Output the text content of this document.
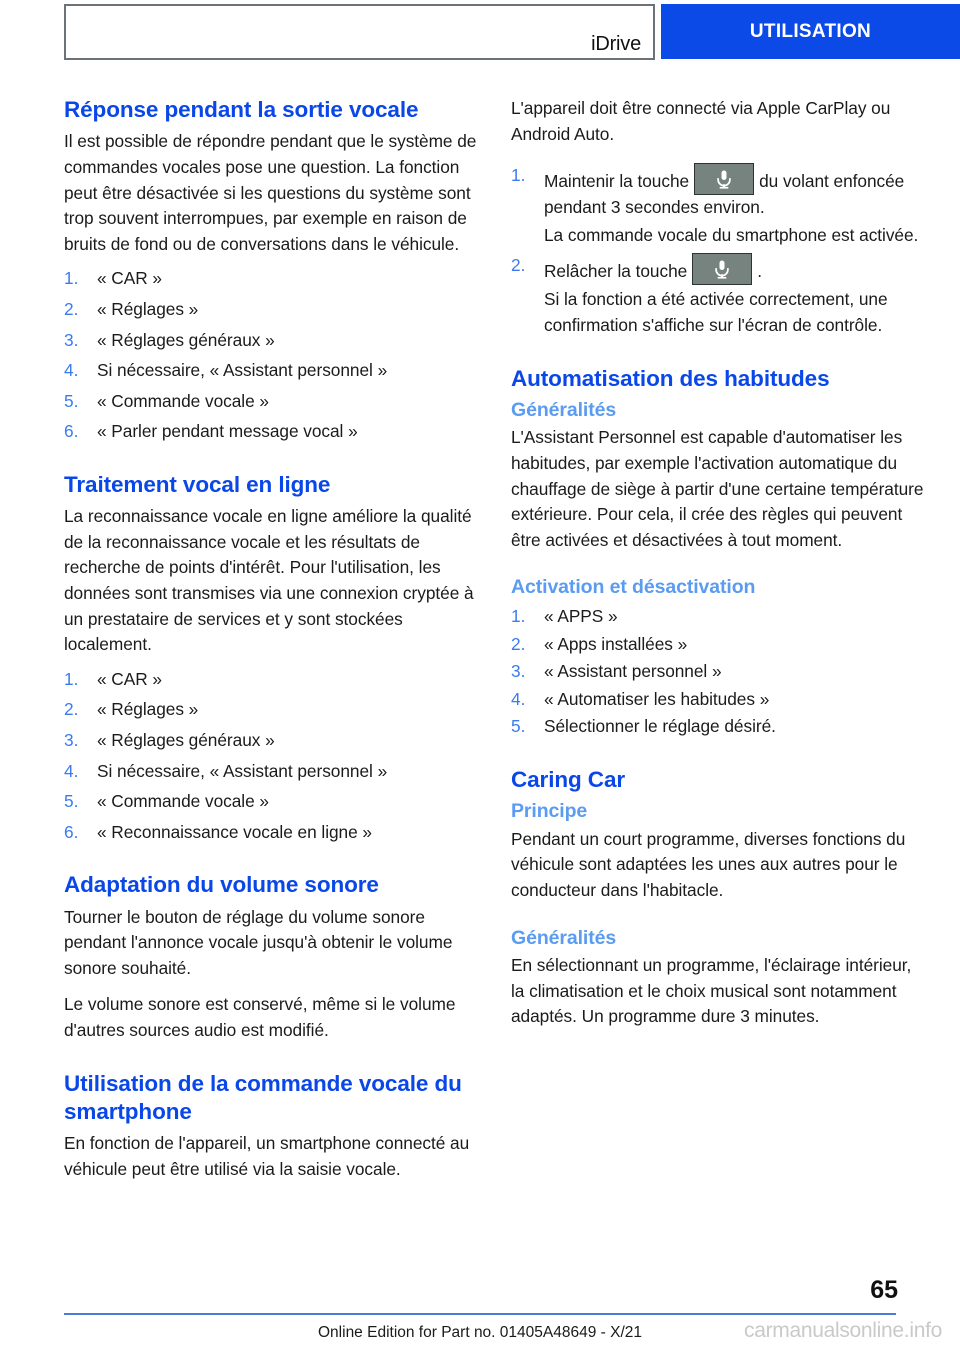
iDrive
UTILISATION
Réponse pendant la sortie vocale

Il est possible de répondre pendant que le système de commandes vocales pose une question. La fonction peut être désactivée si les questions du système sont trop souvent interrompues, par exemple en raison de bruits de fond ou de conversations dans le véhicule.

« CAR »
« Réglages »
« Réglages généraux »
Si nécessaire, « Assistant personnel »
« Commande vocale »
« Parler pendant message vocal »
Traitement vocal en ligne

La reconnaissance vocale en ligne améliore la qualité de la reconnaissance vocale et les résultats de recherche de points d'intérêt. Pour l'utilisation, les données sont transmises via une connexion cryptée à un prestataire de services et y sont stockées localement.

« CAR »
« Réglages »
« Réglages généraux »
Si nécessaire, « Assistant personnel »
« Commande vocale »
« Reconnaissance vocale en ligne »
Adaptation du volume sonore

Tourner le bouton de réglage du volume sonore pendant l'annonce vocale jusqu'à obtenir le volume sonore souhaité.

Le volume sonore est conservé, même si le volume d'autres sources audio est modifié.

Utilisation de la commande vocale du smartphone

En fonction de l'appareil, un smartphone connecté au véhicule peut être utilisé via la saisie vocale.

L'appareil doit être connecté via Apple CarPlay ou Android Auto.

Maintenir la touche	du volant enfoncée pendant 3 secondes environ.
La commande vocale du smartphone est activée.
Relâcher la touche	.
Si la fonction a été activée correctement, une confirmation s'affiche sur l'écran de contrôle.
Automatisation des habitudes
Généralités

L'Assistant Personnel est capable d'automatiser les habitudes, par exemple l'activation automatique du chauffage de siège à partir d'une certaine température extérieure. Pour cela, il crée des règles qui peuvent être activées et désactivées à tout moment.

Activation et désactivation
« APPS »
« Apps installées »
« Assistant personnel »
« Automatiser les habitudes »
Sélectionner le réglage désiré.
Caring Car
Principe

Pendant un court programme, diverses fonctions du véhicule sont adaptées les unes aux autres pour le conducteur dans l'habitacle.

Généralités

En sélectionnant un programme, l'éclairage intérieur, la climatisation et le choix musical sont notamment adaptés. Un programme dure 3 minutes.

65
Online Edition for Part no. 01405A48649 - X/21	carmanualsonline.info
